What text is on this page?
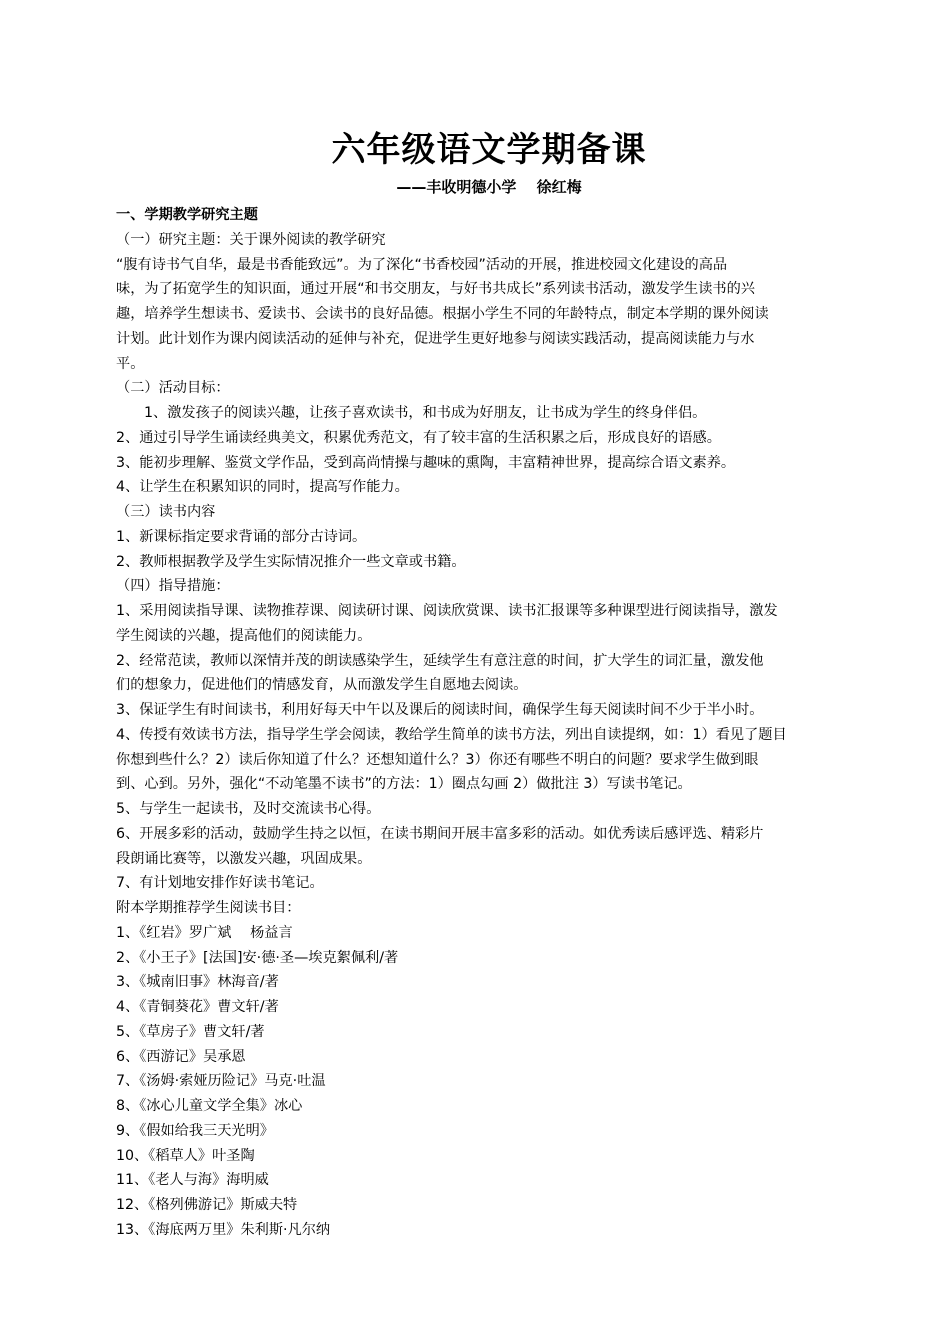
六年级语文学期备课
——丰收明德小学　 徐红梅

一、学期教学研究主题

（一）研究主题：关于课外阅读的教学研究

“腹有诗书气自华，最是书香能致远”。为了深化“书香校园”活动的开展，推进校园文化建设的高品

味，为了拓宽学生的知识面，通过开展“和书交朋友，与好书共成长”系列读书活动，激发学生读书的兴

趣，培养学生想读书、爱读书、会读书的良好品德。根据小学生不同的年龄特点，制定本学期的课外阅读

计划。此计划作为课内阅读活动的延伸与补充，促进学生更好地参与阅读实践活动，提高阅读能力与水

平。

（二）活动目标：

1、激发孩子的阅读兴趣，让孩子喜欢读书，和书成为好朋友，让书成为学生的终身伴侣。

2、通过引导学生诵读经典美文，积累优秀范文，有了较丰富的生活积累之后，形成良好的语感。

3、能初步理解、鉴赏文学作品，受到高尚情操与趣味的熏陶，丰富精神世界，提高综合语文素养。

4、让学生在积累知识的同时，提高写作能力。

（三）读书内容

1、新课标指定要求背诵的部分古诗词。

2、教师根据教学及学生实际情况推介一些文章或书籍。

（四）指导措施：

1、采用阅读指导课、读物推荐课、阅读研讨课、阅读欣赏课、读书汇报课等多种课型进行阅读指导，激发

学生阅读的兴趣，提高他们的阅读能力。

2、经常范读，教师以深情并茂的朗读感染学生，延续学生有意注意的时间，扩大学生的词汇量，激发他

们的想象力，促进他们的情感发育，从而激发学生自愿地去阅读。

3、保证学生有时间读书，利用好每天中午以及课后的阅读时间，确保学生每天阅读时间不少于半小时。

4、传授有效读书方法，指导学生学会阅读，教给学生简单的读书方法，列出自读提纲，如：1）看见了题目

你想到些什么？2）读后你知道了什么？还想知道什么？3）你还有哪些不明白的问题？要求学生做到眼

到、心到。另外，强化“不动笔墨不读书”的方法：1）圈点勾画 2）做批注 3）写读书笔记。

5、与学生一起读书，及时交流读书心得。

6、开展多彩的活动，鼓励学生持之以恒，在读书期间开展丰富多彩的活动。如优秀读后感评选、精彩片

段朗诵比赛等，以激发兴趣，巩固成果。

7、有计划地安排作好读书笔记。

附本学期推荐学生阅读书目：

1、《红岩》罗广斌　 杨益言

2、《小王子》[法国]安·德·圣—埃克絮佩利/著

3、《城南旧事》林海音/著

4、《青铜葵花》曹文轩/著

5、《草房子》曹文轩/著

6、《西游记》吴承恩

7、《汤姆·索娅历险记》马克·吐温

8、《冰心儿童文学全集》冰心

9、《假如给我三天光明》

10、《稻草人》叶圣陶

11、《老人与海》海明威

12、《格列佛游记》斯威夫特

13、《海底两万里》朱利斯·凡尔纳
